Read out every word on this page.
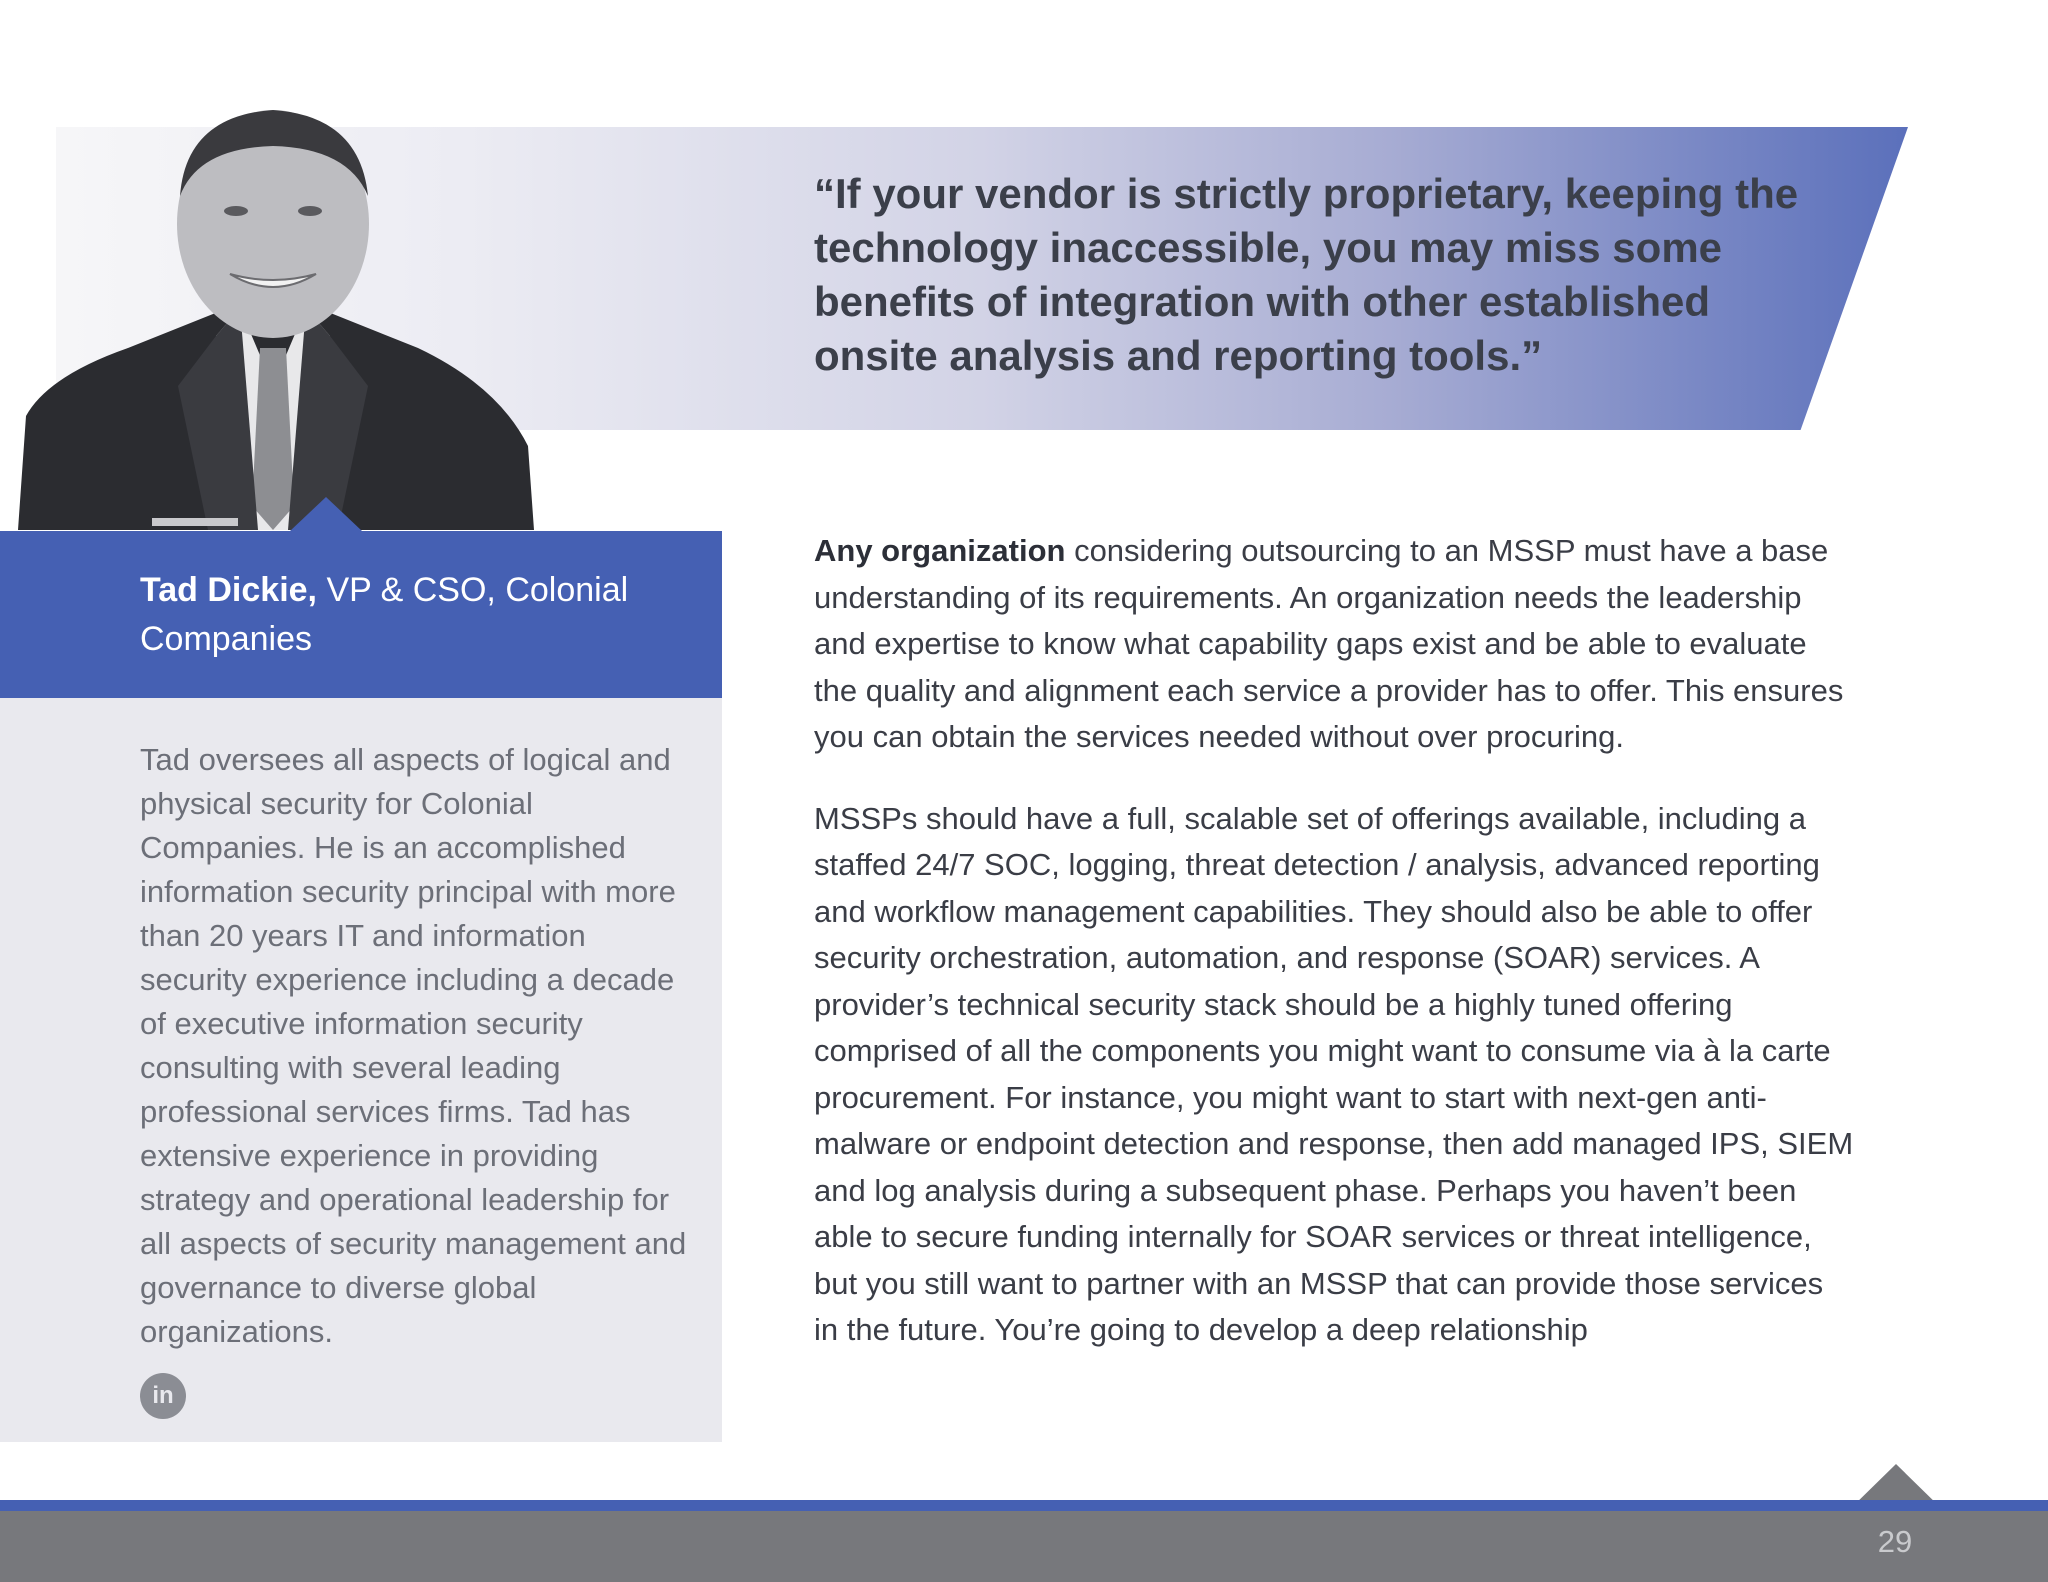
“If your vendor is strictly proprietary, keeping the technology inaccessible, you may miss some benefits of integration with other established onsite analysis and reporting tools.”

Tad Dickie, VP & CSO, Colonial Companies

Tad oversees all aspects of logical and physical security for Colonial Companies. He is an accomplished information security principal with more than 20 years IT and information security experience including a decade of executive information security consulting with several leading professional services firms. Tad has extensive experience in providing strategy and operational leadership for all aspects of security management and governance to diverse global organizations.

in

Any organization considering outsourcing to an MSSP must have a base understanding of its requirements. An organization needs the leadership and expertise to know what capability gaps exist and be able to evaluate the quality and alignment each service a provider has to offer. This ensures you can obtain the services needed without over procuring.

MSSPs should have a full, scalable set of offerings available, including a staffed 24/7 SOC, logging, threat detection / analysis, advanced reporting and workflow management capabilities. They should also be able to offer security orchestration, automation, and response (SOAR) services. A provider’s technical security stack should be a highly tuned offering comprised of all the components you might want to consume via à la carte procurement. For instance, you might want to start with next-gen anti-malware or endpoint detection and response, then add managed IPS, SIEM and log analysis during a subsequent phase. Perhaps you haven’t been able to secure funding internally for SOAR services or threat intelligence, but you still want to partner with an MSSP that can provide those services in the future. You’re going to develop a deep relationship

29
